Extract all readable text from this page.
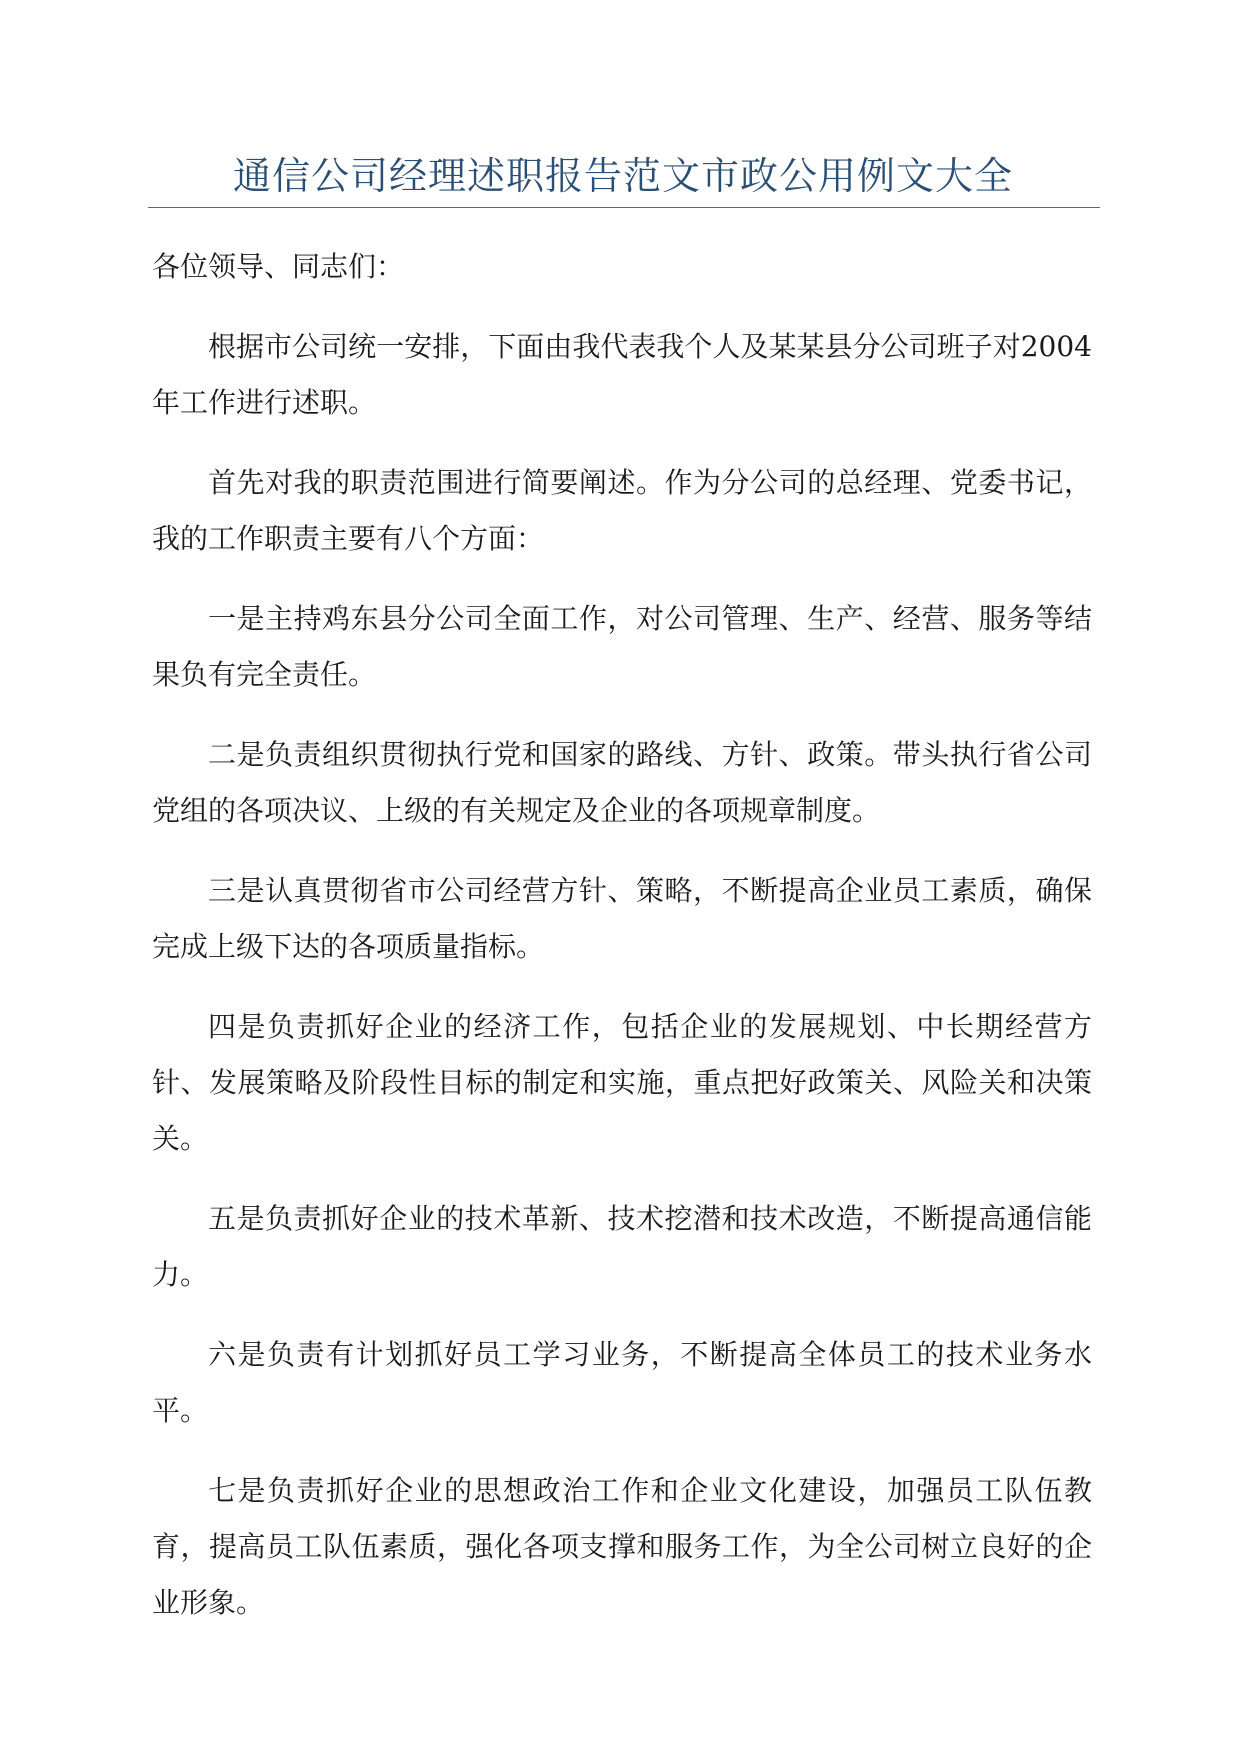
通信公司经理述职报告范文市政公用例文大全

各位领导、同志们：

根据市公司统一安排，下面由我代表我个人及某某县分公司班子对2004年工作进行述职。

首先对我的职责范围进行简要阐述。作为分公司的总经理、党委书记，我的工作职责主要有八个方面：

一是主持鸡东县分公司全面工作，对公司管理、生产、经营、服务等结果负有完全责任。

二是负责组织贯彻执行党和国家的路线、方针、政策。带头执行省公司党组的各项决议、上级的有关规定及企业的各项规章制度。

三是认真贯彻省市公司经营方针、策略，不断提高企业员工素质，确保完成上级下达的各项质量指标。

四是负责抓好企业的经济工作，包括企业的发展规划、中长期经营方针、发展策略及阶段性目标的制定和实施，重点把好政策关、风险关和决策关。

五是负责抓好企业的技术革新、技术挖潜和技术改造，不断提高通信能力。

六是负责有计划抓好员工学习业务，不断提高全体员工的技术业务水平。

七是负责抓好企业的思想政治工作和企业文化建设，加强员工队伍教育，提高员工队伍素质，强化各项支撑和服务工作，为全公司树立良好的企业形象。
